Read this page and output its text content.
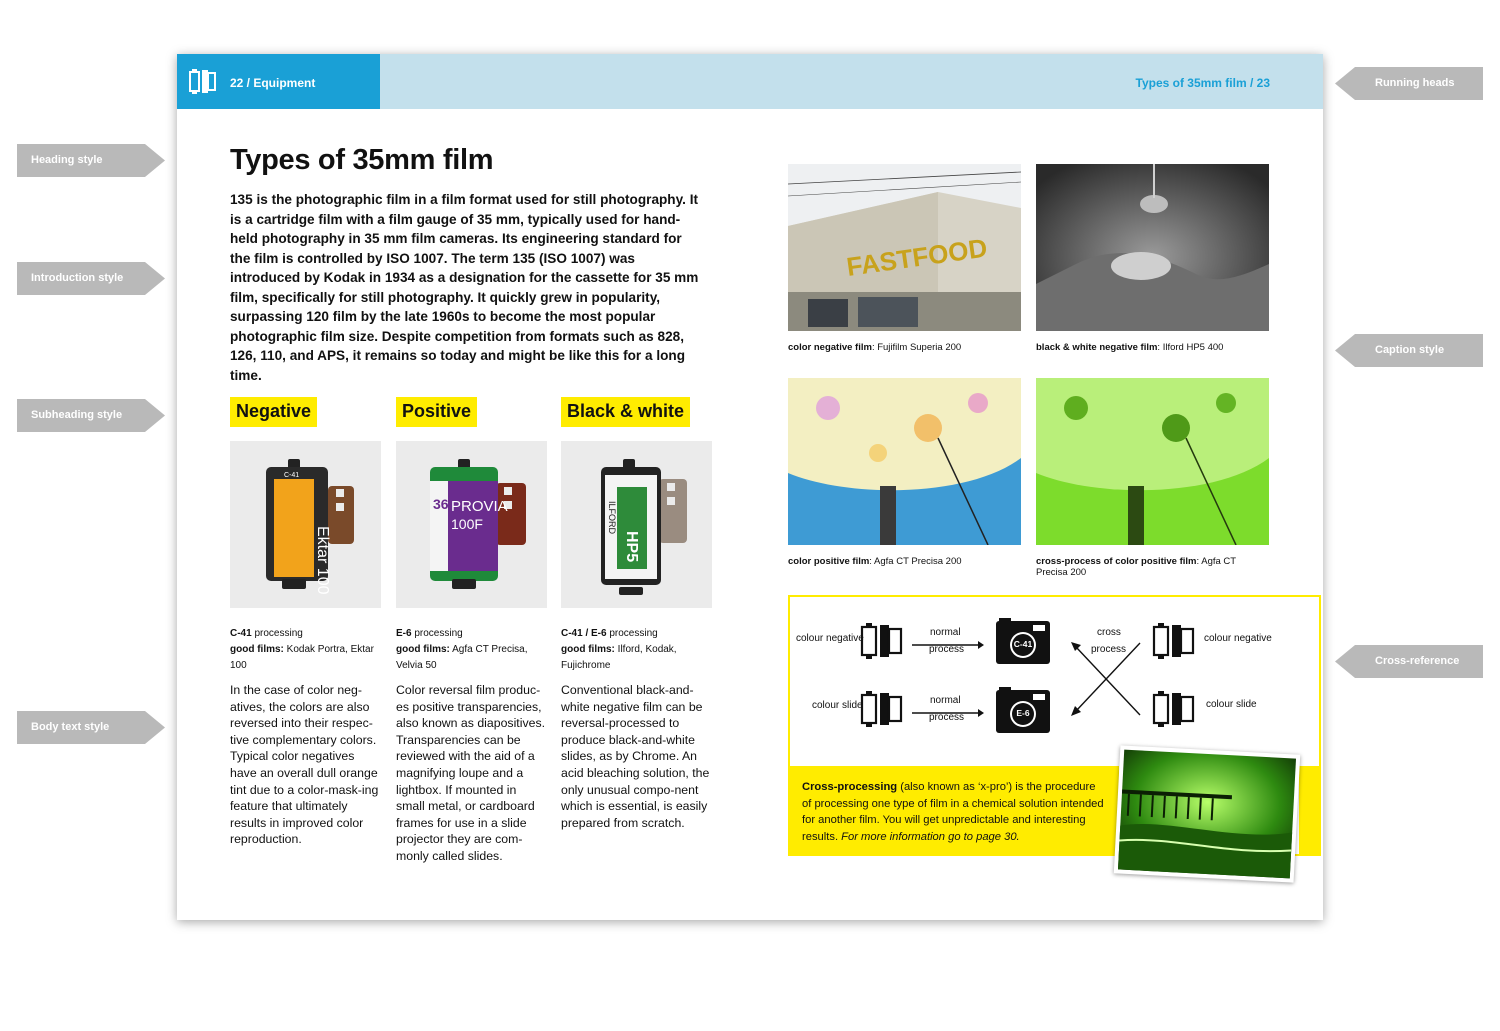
Heading style
Introduction style
Subheading style
Body text style
Running heads
Caption style
Cross-reference
22 / Equipment	Types of 35mm film / 23
Types of 35mm film

135 is the photographic film in a film format used for still photography. It is a cartridge film with a film gauge of 35 mm, typically used for hand-held photography in 35 mm film cameras. Its engineering standard for the film is controlled by ISO 1007. The term 135 (ISO 1007) was introduced by Kodak in 1934 as a designation for the cassette for 35 mm film, specifically for still photography. It quickly grew in popularity, surpassing 120 film by the late 1960s to become the most popular photographic film size. Despite competition from formats such as 828, 126, 110, and APS, it remains so today and might be like this for a long time.

Negative
Ektar 100
C-41
C-41 processing
good films: Kodak Portra, Ektar 100
In the case of color neg-atives, the colors are also reversed into their respec-tive complementary colors. Typical color negatives have an overall dull orange tint due to a color-mask-ing feature that ultimately results in improved color reproduction.
Positive
PROVIA
100F
36
E-6 processing
good films: Agfa CT Precisa, Velvia 50
Color reversal film produc-es positive transparencies, also known as diapositives. Transparencies can be reviewed with the aid of a magnifying loupe and a lightbox. If mounted in small metal, or cardboard frames for use in a slide projector they are com-monly called slides.
Black & white
HP5
ILFORD
C-41 / E-6 processing
good films: Ilford, Kodak, Fujichrome
Conventional black-and-white negative film can be reversal-processed to produce black-and-white slides, as by Chrome. An acid bleaching solution, the only unusual compo-nent which is essential, is easily prepared from scratch.
FASTFOOD
color negative film: Fujifilm Superia 200	black & white negative film: Ilford HP5 400
color positive film: Agfa CT Precisa 200	cross-process of color positive film: Agfa CT Precisa 200
colour negative
colour slide
normal
process
normal
process
C-41
E-6
cross
process
colour negative
colour slide
Cross-processing (also known as ‘x-pro’) is the procedure of processing one type of film in a chemical solution intended for another film. You will get unpredictable and interesting results. For more information go to page 30.
